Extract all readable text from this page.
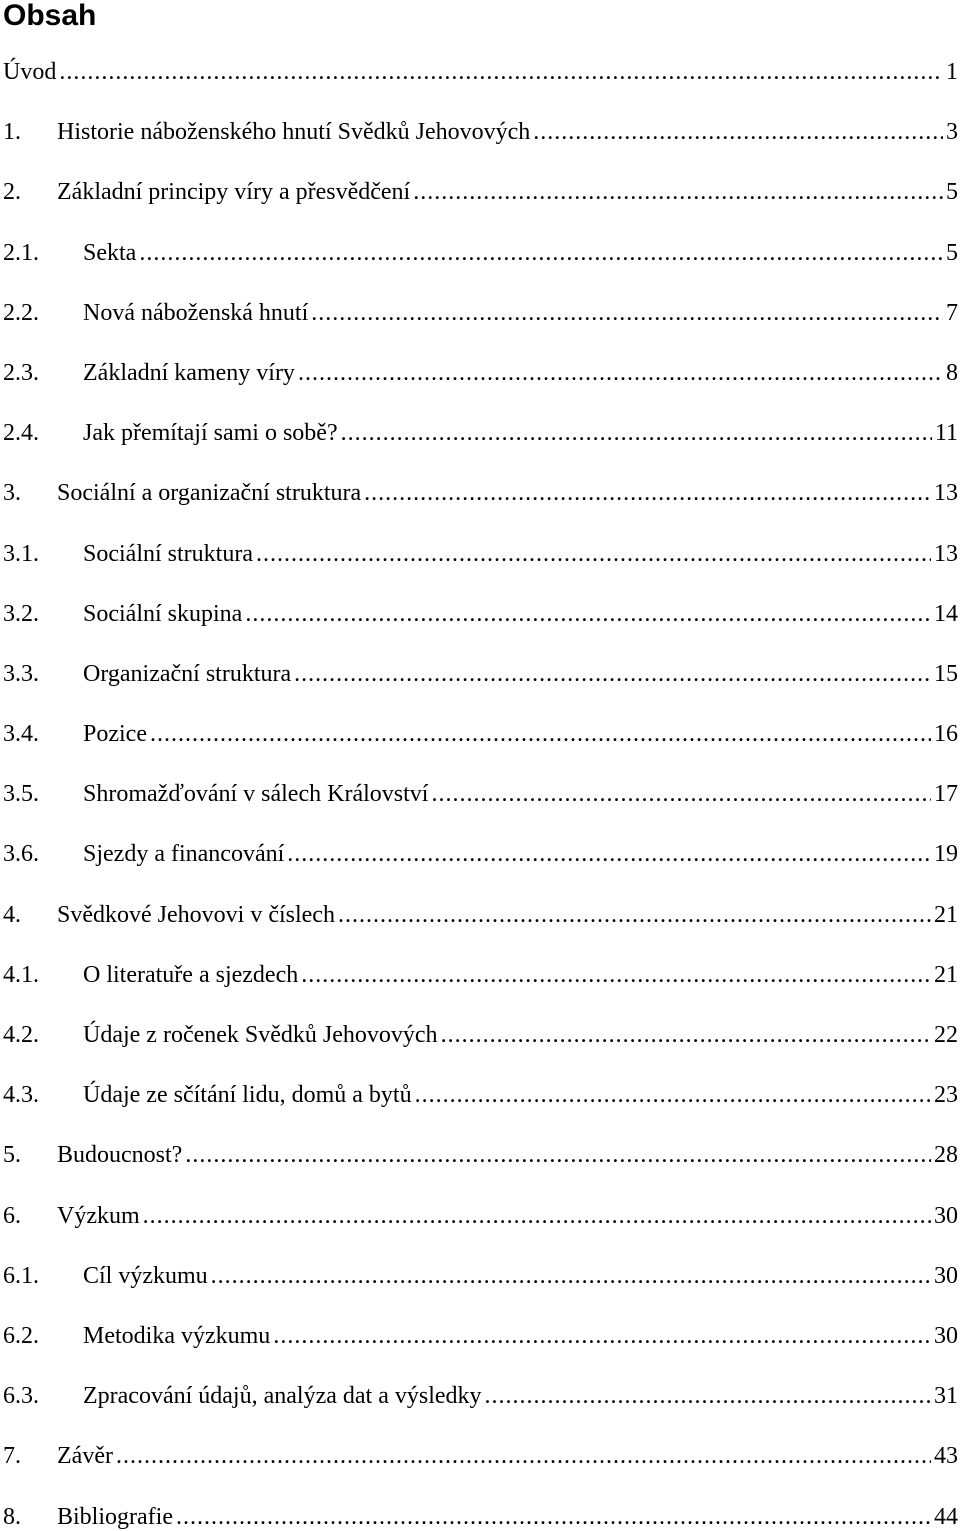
Obsah
Úvod .....	1
1.	Historie náboženského hnutí Svědků Jehovových .....	3
2.	Základní principy víry a přesvědčení .....	5
2.1.	Sekta .....	5
2.2.	Nová náboženská hnutí .....	7
2.3.	Základní kameny víry .....	8
2.4.	Jak přemítají sami o sobě? .....	11
3.	Sociální a organizační struktura .....	13
3.1.	Sociální struktura .....	13
3.2.	Sociální skupina .....	14
3.3.	Organizační struktura .....	15
3.4.	Pozice .....	16
3.5.	Shromažďování v sálech Království .....	17
3.6.	Sjezdy a financování .....	19
4.	Svědkové Jehovovi v číslech .....	21
4.1.	O literatuře a sjezdech .....	21
4.2.	Údaje z ročenek Svědků Jehovových .....	22
4.3.	Údaje ze sčítání lidu, domů a bytů .....	23
5.	Budoucnost? .....	28
6.	Výzkum .....	30
6.1.	Cíl výzkumu .....	30
6.2.	Metodika výzkumu .....	30
6.3.	Zpracování údajů, analýza dat a výsledky .....	31
7.	Závěr .....	43
8.	Bibliografie .....	44
